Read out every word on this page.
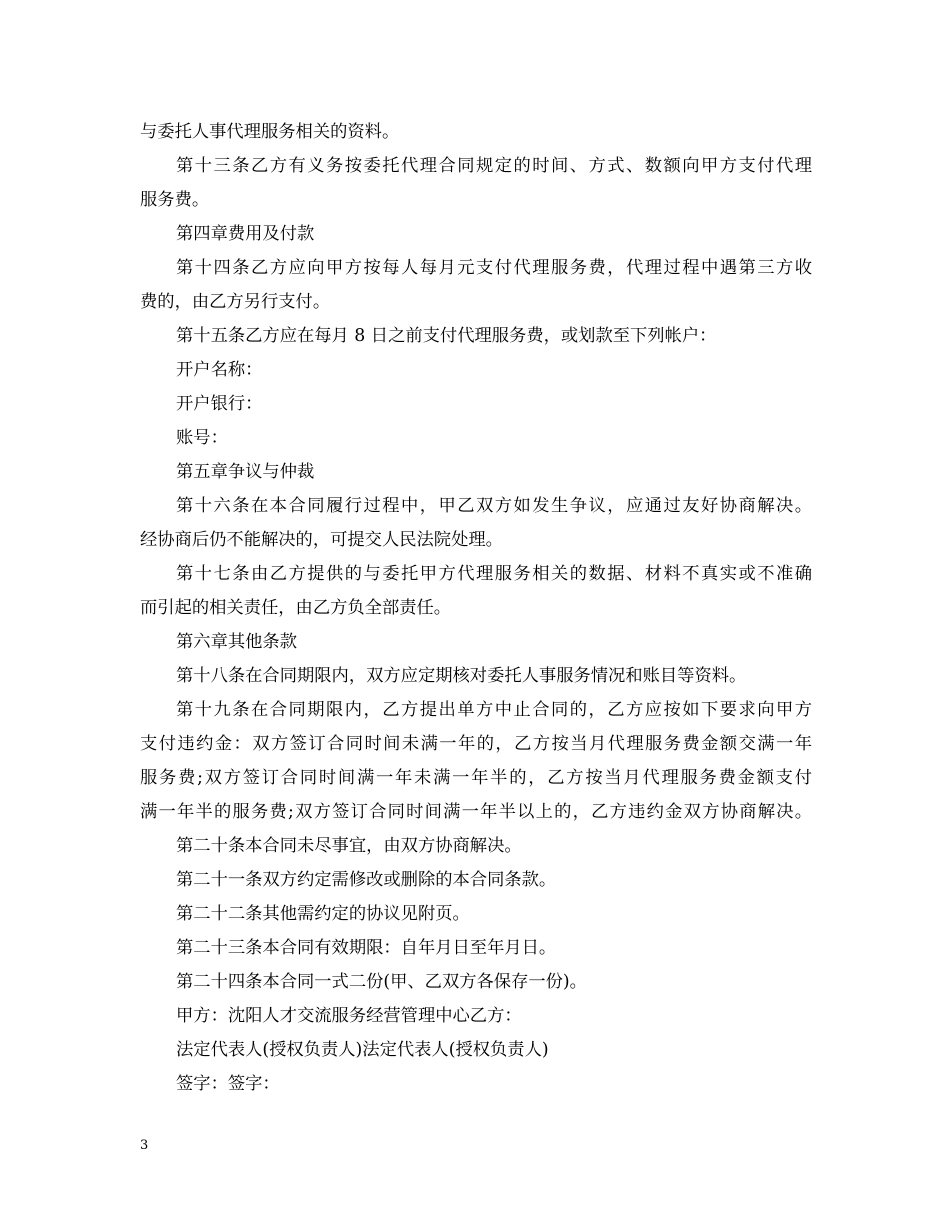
与委托人事代理服务相关的资料。
第十三条乙方有义务按委托代理合同规定的时间、方式、数额向甲方支付代理
服务费。
第四章费用及付款
第十四条乙方应向甲方按每人每月元支付代理服务费，代理过程中遇第三方收
费的，由乙方另行支付。
第十五条乙方应在每月 8 日之前支付代理服务费，或划款至下列帐户：
开户名称：
开户银行：
账号：
第五章争议与仲裁
第十六条在本合同履行过程中，甲乙双方如发生争议，应通过友好协商解决。
经协商后仍不能解决的，可提交人民法院处理。
第十七条由乙方提供的与委托甲方代理服务相关的数据、材料不真实或不准确
而引起的相关责任，由乙方负全部责任。
第六章其他条款
第十八条在合同期限内，双方应定期核对委托人事服务情况和账目等资料。
第十九条在合同期限内，乙方提出单方中止合同的，乙方应按如下要求向甲方
支付违约金：双方签订合同时间未满一年的，乙方按当月代理服务费金额交满一年
服务费;双方签订合同时间满一年未满一年半的，乙方按当月代理服务费金额支付
满一年半的服务费;双方签订合同时间满一年半以上的，乙方违约金双方协商解决。
第二十条本合同未尽事宜，由双方协商解决。
第二十一条双方约定需修改或删除的本合同条款。
第二十二条其他需约定的协议见附页。
第二十三条本合同有效期限：自年月日至年月日。
第二十四条本合同一式二份(甲、乙双方各保存一份)。
甲方：沈阳人才交流服务经营管理中心乙方：
法定代表人(授权负责人)法定代表人(授权负责人)
签字：签字：
3
